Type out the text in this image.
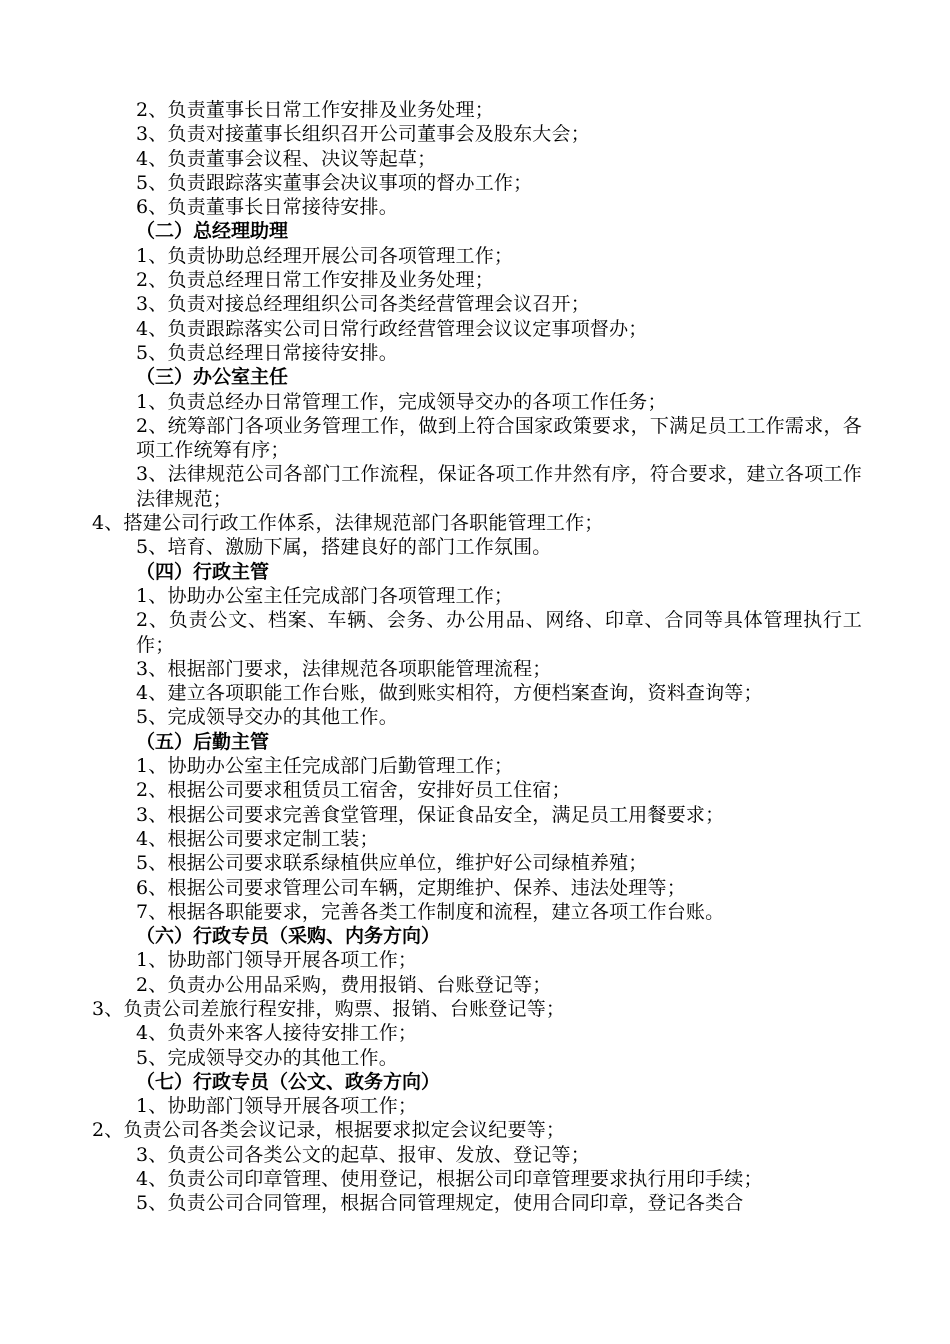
2、负责董事长日常工作安排及业务处理；
3、负责对接董事长组织召开公司董事会及股东大会；
4、负责董事会议程、决议等起草；
5、负责跟踪落实董事会决议事项的督办工作；
6、负责董事长日常接待安排。
（二）总经理助理
1、负责协助总经理开展公司各项管理工作；
2、负责总经理日常工作安排及业务处理；
3、负责对接总经理组织公司各类经营管理会议召开；
4、负责跟踪落实公司日常行政经营管理会议议定事项督办；
5、负责总经理日常接待安排。
（三）办公室主任
1、负责总经办日常管理工作，完成领导交办的各项工作任务；
2、统筹部门各项业务管理工作，做到上符合国家政策要求，下满足员工工作需求，各项工作统筹有序；
3、法律规范公司各部门工作流程，保证各项工作井然有序，符合要求，建立各项工作法律规范；
4、搭建公司行政工作体系，法律规范部门各职能管理工作；
5、培育、激励下属，搭建良好的部门工作氛围。
（四）行政主管
1、协助办公室主任完成部门各项管理工作；
2、负责公文、档案、车辆、会务、办公用品、网络、印章、合同等具体管理执行工作；
3、根据部门要求，法律规范各项职能管理流程；
4、建立各项职能工作台账，做到账实相符，方便档案查询，资料查询等；
5、完成领导交办的其他工作。
（五）后勤主管
1、协助办公室主任完成部门后勤管理工作；
2、根据公司要求租赁员工宿舍，安排好员工住宿；
3、根据公司要求完善食堂管理，保证食品安全，满足员工用餐要求；
4、根据公司要求定制工装；
5、根据公司要求联系绿植供应单位，维护好公司绿植养殖；
6、根据公司要求管理公司车辆，定期维护、保养、违法处理等；
7、根据各职能要求，完善各类工作制度和流程，建立各项工作台账。
（六）行政专员（采购、内务方向）
1、协助部门领导开展各项工作；
2、负责办公用品采购，费用报销、台账登记等；
3、负责公司差旅行程安排，购票、报销、台账登记等；
4、负责外来客人接待安排工作；
5、完成领导交办的其他工作。
（七）行政专员（公文、政务方向）
1、协助部门领导开展各项工作；
2、负责公司各类会议记录，根据要求拟定会议纪要等；
3、负责公司各类公文的起草、报审、发放、登记等；
4、负责公司印章管理、使用登记，根据公司印章管理要求执行用印手续；
5、负责公司合同管理，根据合同管理规定，使用合同印章，登记各类合
